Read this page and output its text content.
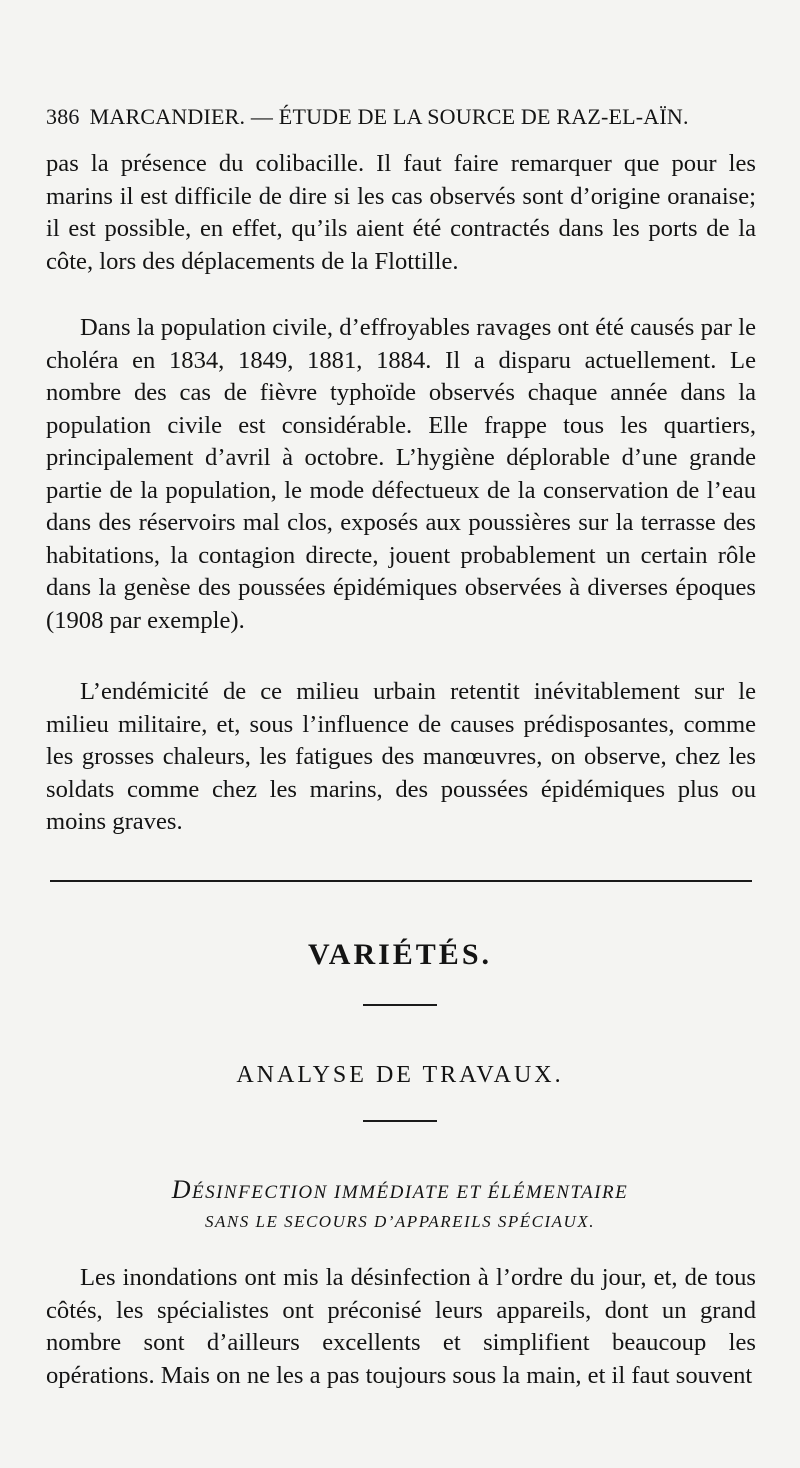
386 MARCANDIER. — ÉTUDE DE LA SOURCE DE RAZ-EL-AÏN.

pas la présence du colibacille. Il faut faire remarquer que pour les marins il est difficile de dire si les cas observés sont d’origine oranaise; il est possible, en effet, qu’ils aient été contractés dans les ports de la côte, lors des déplacements de la Flottille.

Dans la population civile, d’effroyables ravages ont été causés par le choléra en 1834, 1849, 1881, 1884. Il a disparu actuellement. Le nombre des cas de fièvre typhoïde observés chaque année dans la population civile est considérable. Elle frappe tous les quartiers, principalement d’avril à octobre. L’hygiène déplorable d’une grande partie de la population, le mode défectueux de la conservation de l’eau dans des réservoirs mal clos, exposés aux poussières sur la terrasse des habitations, la contagion directe, jouent probablement un certain rôle dans la genèse des poussées épidémiques observées à diverses époques (1908 par exemple).

L’endémicité de ce milieu urbain retentit inévitablement sur le milieu militaire, et, sous l’influence de causes prédisposantes, comme les grosses chaleurs, les fatigues des manœuvres, on observe, chez les soldats comme chez les marins, des poussées épidémiques plus ou moins graves.

VARIÉTÉS.
ANALYSE DE TRAVAUX.
DÉSINFECTION IMMÉDIATE ET ÉLÉMENTAIRE
SANS LE SECOURS D’APPAREILS SPÉCIAUX.

Les inondations ont mis la désinfection à l’ordre du jour, et, de tous côtés, les spécialistes ont préconisé leurs appareils, dont un grand nombre sont d’ailleurs excellents et simplifient beaucoup les opérations. Mais on ne les a pas toujours sous la main, et il faut souvent
